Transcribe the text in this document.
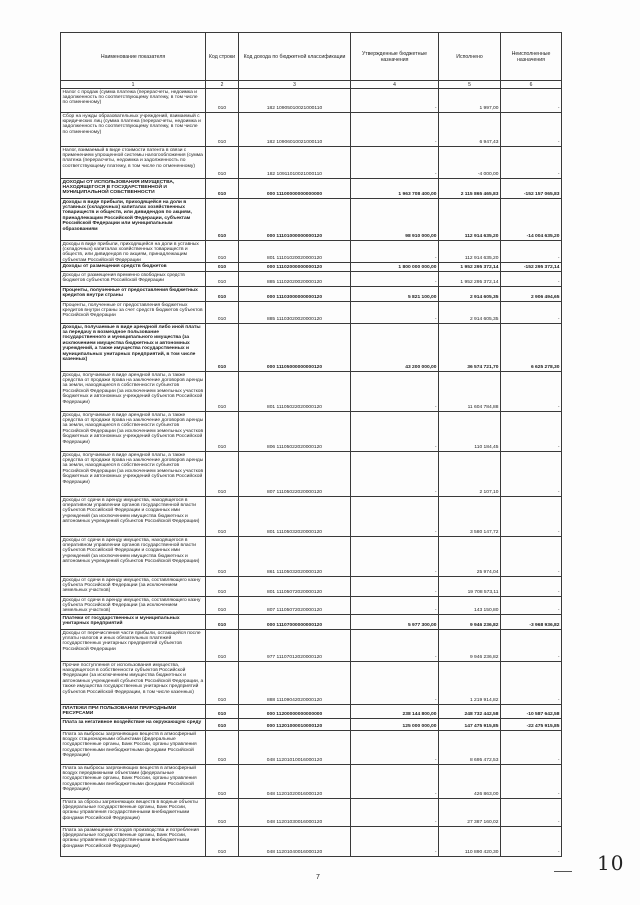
Наименование показателя	Код строки	Код дохода по бюджетной классификации	Утвержденные бюджетные назначения	Исполнено	Неисполненные назначения
1	2	3	4	5	6
Налог с продаж (сумма платежа (перерасчеты, недоимка и задолженность по соответствующему платежу, в том числе по отмененному)
010	182 10905010021000110	-	1 997,00	-
Сбор на нужды образовательных учреждений, взимаемый с юридических лиц (сумма платежа (перерасчеты, недоимка и задолженность по соответствующему платежу, в том числе по отмененному)
010	182 10906010021000110	-	6 947,43	-
Налог, взимаемый в виде стоимости патента в связи с применением упрощенной системы налогообложения (сумма платежа (перерасчеты, недоимка и задолженность по соответствующему платежу, в том числе по отмененному)
010	182 10911010021000110	-	-4 000,00	-
ДОХОДЫ ОТ ИСПОЛЬЗОВАНИЯ ИМУЩЕСТВА, НАХОДЯЩЕГОСЯ В ГОСУДАРСТВЕННОЙ И МУНИЦИПАЛЬНОЙ СОБСТВЕННОСТИ	010	000 11100000000000000	1 963 708 400,00	2 115 865 465,83	-152 157 065,83
Доходы в виде прибыли, приходящейся на доли в уставных (складочных) капиталах хозяйственных товариществ и обществ, или дивидендов по акциям, принадлежащим Российской Федерации, субъектам Российской Федерации или муниципальным образованиям
010	000 11101000000000120	98 910 000,00	112 914 635,20	-14 004 635,20
Доходы в виде прибыли, приходящейся на доли в уставных (складочных) капиталах хозяйственных товариществ и обществ, или дивидендов по акциям, принадлежащим субъектам Российской Федерации	010	801 11101020020000120	-	112 914 635,20	-
Доходы от размещения средств бюджетов	010	000 11102000000000120	1 800 000 000,00	1 952 295 372,14	-152 295 372,14
Доходы от размещения временно свободных средств бюджетов субъектов Российской Федерации	010	885 11102020020000120	-	1 952 295 372,14	-
Проценты, полученные от предоставления бюджетных кредитов внутри страны	010	000 11103000000000120	5 821 100,00	2 914 605,35	2 906 494,65
Проценты, полученные от предоставления бюджетных кредитов внутри страны за счет средств бюджетов субъектов Российской Федерации
010	885 11103020020000120	-	2 914 605,35	-
Доходы, получаемые в виде арендной либо иной платы за передачу в возмездное пользование государственного и муниципального имущества (за исключением имущества бюджетных и автономных учреждений, а также имущества государственных и муниципальных унитарных предприятий, в том числе казенных)
010	000 11105000000000120	43 200 000,00	36 574 721,70	6 625 278,30
Доходы, получаемые в виде арендной платы, а также средства от продажи права на заключение договоров аренды за земли, находящиеся в собственности субъектов Российской Федерации (за исключением земельных участков бюджетных и автономных учреждений субъектов Российской Федерации)
010	801 11105022020000120	-	11 604 784,88	-
Доходы, получаемые в виде арендной платы, а также средства от продажи права на заключение договоров аренды за земли, находящиеся в собственности субъектов Российской Федерации (за исключением земельных участков бюджетных и автономных учреждений субъектов Российской Федерации)
010	806 11105022020000120	-	110 184,45	-
Доходы, получаемые в виде арендной платы, а также средства от продажи права на заключение договоров аренды за земли, находящиеся в собственности субъектов Российской Федерации (за исключением земельных участков бюджетных и автономных учреждений субъектов Российской Федерации)
010	807 11105022020000120	-	2 107,10	-
Доходы от сдачи в аренду имущества, находящегося в оперативном управлении органов государственной власти субъектов Российской Федерации и созданных ими учреждений (за исключением имущества бюджетных и автономных учреждений субъектов Российской Федерации)
010	801 11105032020000120	-	3 580 147,72	-
Доходы от сдачи в аренду имущества, находящегося в оперативном управлении органов государственной власти субъектов Российской Федерации и созданных ими учреждений (за исключением имущества бюджетных и автономных учреждений субъектов Российской Федерации)
010	861 11105032020000120	-	25 974,04	-
Доходы от сдачи в аренду имущества, составляющего казну субъекта Российской Федерации (за исключением земельных участков)	010	801 11105072020000120	-	19 708 573,11	-
Доходы от сдачи в аренду имущества, составляющего казну субъекта Российской Федерации (за исключением земельных участков)	010	807 11105072020000120	-	143 150,80	-
Платежи от государственных и муниципальных унитарных предприятий	010	000 11107000000000120	5 977 300,00	9 946 236,82	-3 968 936,82
Доходы от перечисления части прибыли, остающейся после уплаты налогов и иных обязательных платежей государственных унитарных предприятий субъектов Российской Федерации
010	977 11107012020000120	-	9 946 236,82	-
Прочие поступления от использования имущества, находящегося в собственности субъектов Российской Федерации (за исключением имущества бюджетных и автономных учреждений субъектов Российской Федерации, а также имущества государственных унитарных предприятий субъектов Российской Федерации, в том числе казенных)
010	888 11109042020000120	-	1 219 914,82	-
ПЛАТЕЖИ ПРИ ПОЛЬЗОВАНИИ ПРИРОДНЫМИ РЕСУРСАМИ	010	000 11200000000000000	238 144 800,00	248 732 442,58	-10 587 642,58
Плата за негативное воздействие на окружающую среду
010	000 11201000010000120	125 000 000,00	147 475 915,85	-22 475 915,85
Плата за выбросы загрязняющих веществ в атмосферный воздух стационарными объектами (федеральные государственные органы, Банк России, органы управления государственными внебюджетными фондами Российской Федерации)
010	048 11201010016000120	-	8 695 472,53	-
Плата за выбросы загрязняющих веществ в атмосферный воздух передвижными объектами (федеральные государственные органы, Банк России, органы управления государственными внебюджетными фондами Российской Федерации)
010	048 11201020016000120	-	426 863,00	-
Плата за сбросы загрязняющих веществ в водные объекты (федеральные государственные органы, Банк России, органы управления государственными внебюджетными фондами Российской Федерации)
010	048 11201030016000120	-	27 387 160,02	-
Плата за размещение отходов производства и потребления (федеральные государственные органы, Банк России, органы управления государственными внебюджетными фондами Российской Федерации)
010	048 11201040016000120	-	110 890 420,30	-
7
10
